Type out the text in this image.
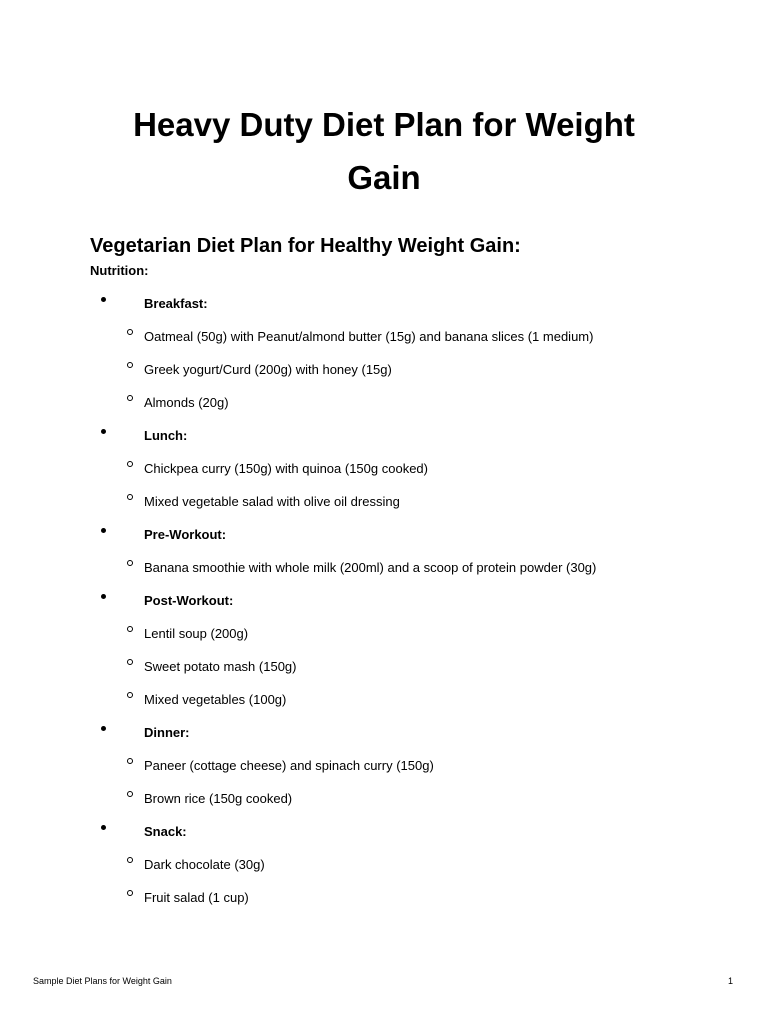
Heavy Duty Diet Plan for Weight Gain
Vegetarian Diet Plan for Healthy Weight Gain:
Nutrition:
Breakfast:
Oatmeal (50g) with Peanut/almond butter (15g) and banana slices (1 medium)
Greek yogurt/Curd (200g) with honey (15g)
Almonds (20g)
Lunch:
Chickpea curry (150g) with quinoa (150g cooked)
Mixed vegetable salad with olive oil dressing
Pre-Workout:
Banana smoothie with whole milk (200ml) and a scoop of protein powder (30g)
Post-Workout:
Lentil soup (200g)
Sweet potato mash (150g)
Mixed vegetables (100g)
Dinner:
Paneer (cottage cheese) and spinach curry (150g)
Brown rice (150g cooked)
Snack:
Dark chocolate (30g)
Fruit salad (1 cup)
Sample Diet Plans for Weight Gain	1
